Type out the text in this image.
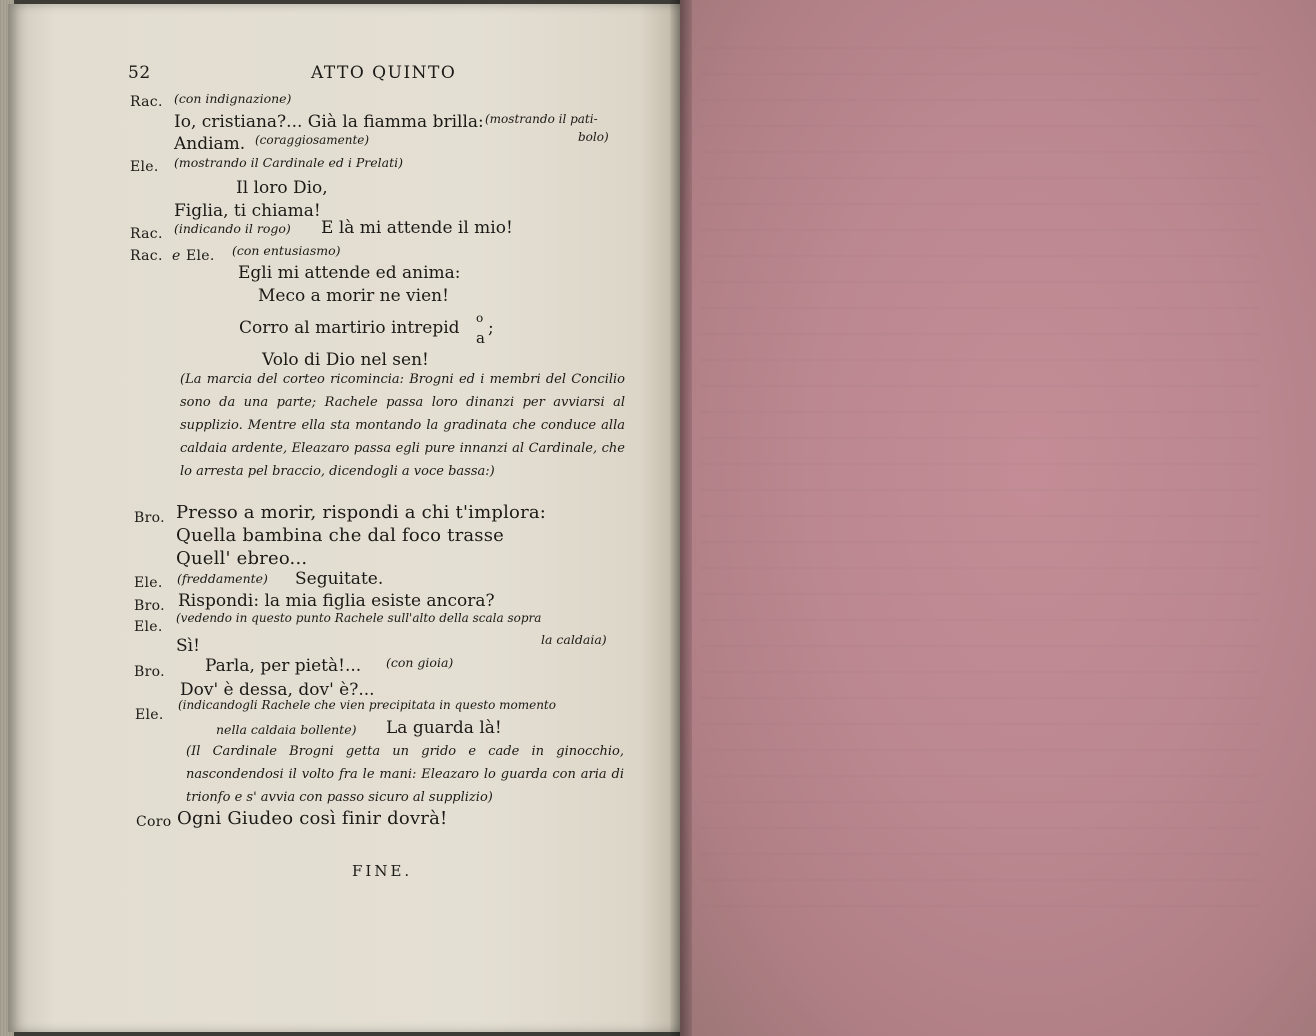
52	ATTO QUINTO
Rac. (con indignazione)
Io, cristiana?... Già la fiamma brilla: (mostrando il pati-
Andiam. (coraggiosamente)	bolo)
Ele. (mostrando il Cardinale ed i Prelati)
Il loro Dio,
Figlia, ti chiama!
Rac. (indicando il rogo) E là mi attende il mio!
Rac. e Ele. (con entusiasmo)
Egli mi attende ed anima:
Meco a morir ne vien!
Corro al martirio intrepid o
a ;
Volo di Dio nel sen!
(La marcia del corteo ricomincia: Brogni ed i membri del Concilio sono da una parte; Rachele passa loro dinanzi per avviarsi al supplizio. Mentre ella sta montando la gradinata che conduce alla caldaia ardente, Eleazaro passa egli pure innanzi al Cardinale, che lo arresta pel braccio, dicendogli a voce bassa:)
Bro. Presso a morir, rispondi a chi t'implora:
Quella bambina che dal foco trasse
Quell' ebreo...
Ele. (freddamente) Seguitate.
Bro. Rispondi: la mia figlia esiste ancora?
Ele.
(vedendo in questo punto Rachele sull'alto della scala sopra
Sì!	la caldaia)
Bro. Parla, per pietà!... (con gioia)
Dov' è dessa, dov' è?...
Ele.
(indicandogli Rachele che vien precipitata in questo momento
nella caldaia bollente) La guarda là!
(Il Cardinale Brogni getta un grido e cade in ginocchio, nascondendosi il volto fra le mani: Eleazaro lo guarda con aria di trionfo e s' avvia con passo sicuro al supplizio)
Coro Ogni Giudeo così finir dovrà!
FINE.
